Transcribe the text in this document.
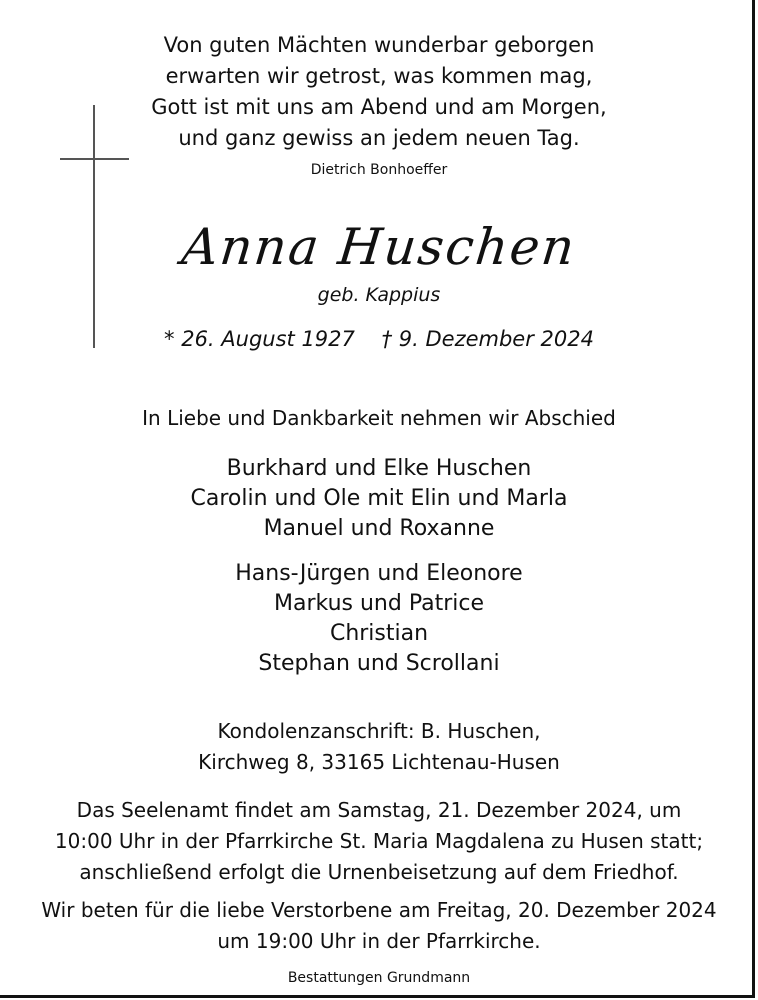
Von guten Mächten wunderbar geborgen
erwarten wir getrost, was kommen mag,
Gott ist mit uns am Abend und am Morgen,
und ganz gewiss an jedem neuen Tag.
Dietrich Bonhoeffer
Anna Huschen
geb. Kappius
* 26. August 1927    † 9. Dezember 2024
In Liebe und Dankbarkeit nehmen wir Abschied
Burkhard und Elke Huschen
Carolin und Ole mit Elin und Marla
Manuel und Roxanne
Hans-Jürgen und Eleonore
Markus und Patrice
Christian
Stephan und Scrollani
Kondolenzanschrift: B. Huschen,
Kirchweg 8, 33165 Lichtenau-Husen
Das Seelenamt findet am Samstag, 21. Dezember 2024, um
10:00 Uhr in der Pfarrkirche St. Maria Magdalena zu Husen statt;
anschließend erfolgt die Urnenbeisetzung auf dem Friedhof.
Wir beten für die liebe Verstorbene am Freitag, 20. Dezember 2024
um 19:00 Uhr in der Pfarrkirche.
Bestattungen Grundmann
